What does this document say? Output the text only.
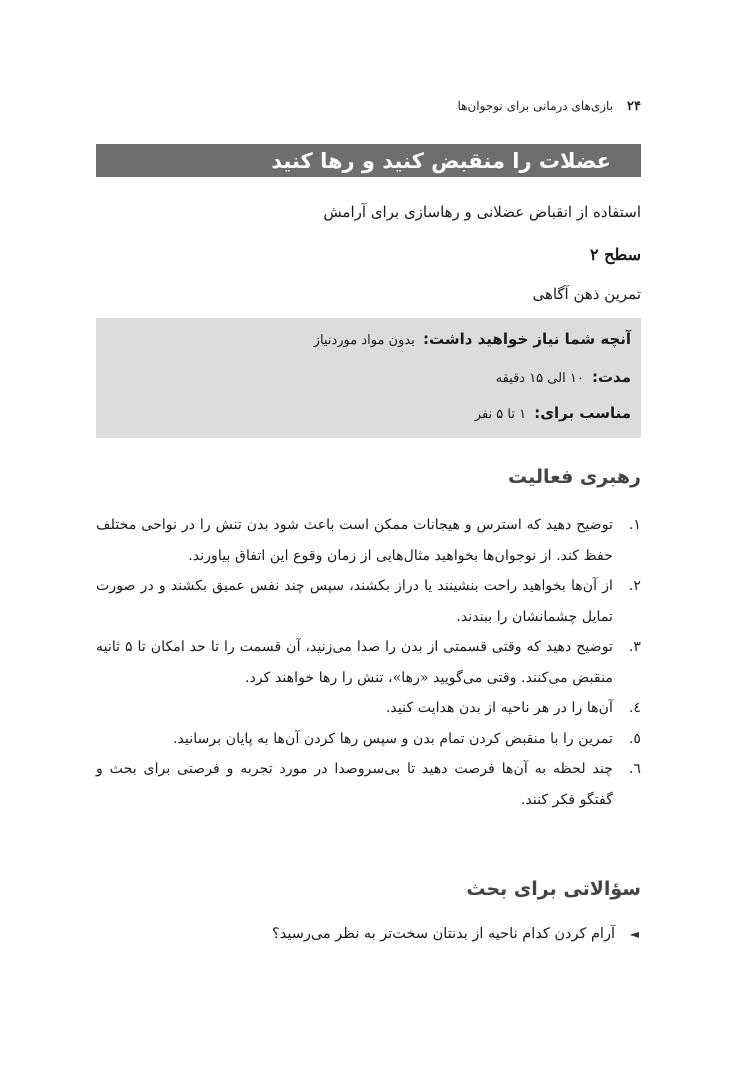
۲۴
بازی‌های درمانی برای نوجوان‌ها
عضلات را منقبض کنید و رها کنید
استفاده از انقباض عضلانی و رهاسازی برای آرامش
سطح ۲
تمرین ذهن آگاهی
آنچه شما نیاز خواهید داشت: بدون مواد موردنیاز
مدت: ۱۰ الی ۱۵ دقیقه
مناسب برای: ۱ تا ۵ نفر
رهبری فعالیت
۱.
توضیح دهید که استرس و هیجانات ممکن است باعث شود بدن تنش را در نواحی مختلف حفظ کند. از نوجوان‌ها بخواهید مثال‌هایی از زمان وقوع این اتفاق بیاورند.
۲.
از آن‌ها بخواهید راحت بنشینند یا دراز بکشند، سپس چند نفس عمیق بکشند و در صورت تمایل چشمانشان را ببندند.
۳.
توضیح دهید که وقتی قسمتی از بدن را صدا می‌زنید، آن قسمت را تا حد امکان تا ۵ ثانیه منقبض می‌کنند. وقتی می‌گویید «رها»، تنش را رها خواهند کرد.
٤.
آن‌ها را در هر ناحیه از بدن هدایت کنید.
٥.
تمرین را با منقبض کردن تمام بدن و سپس رها کردن آن‌ها به پایان برسانید.
٦.
چند لحظه به آن‌ها فرصت دهید تا بی‌سروصدا در مورد تجربه و فرصتی برای بحث و گفتگو فکر کنند.
سؤالاتی برای بحث
◄
آرام کردن کدام ناحیه از بدنتان سخت‌تر به نظر می‌رسید؟
